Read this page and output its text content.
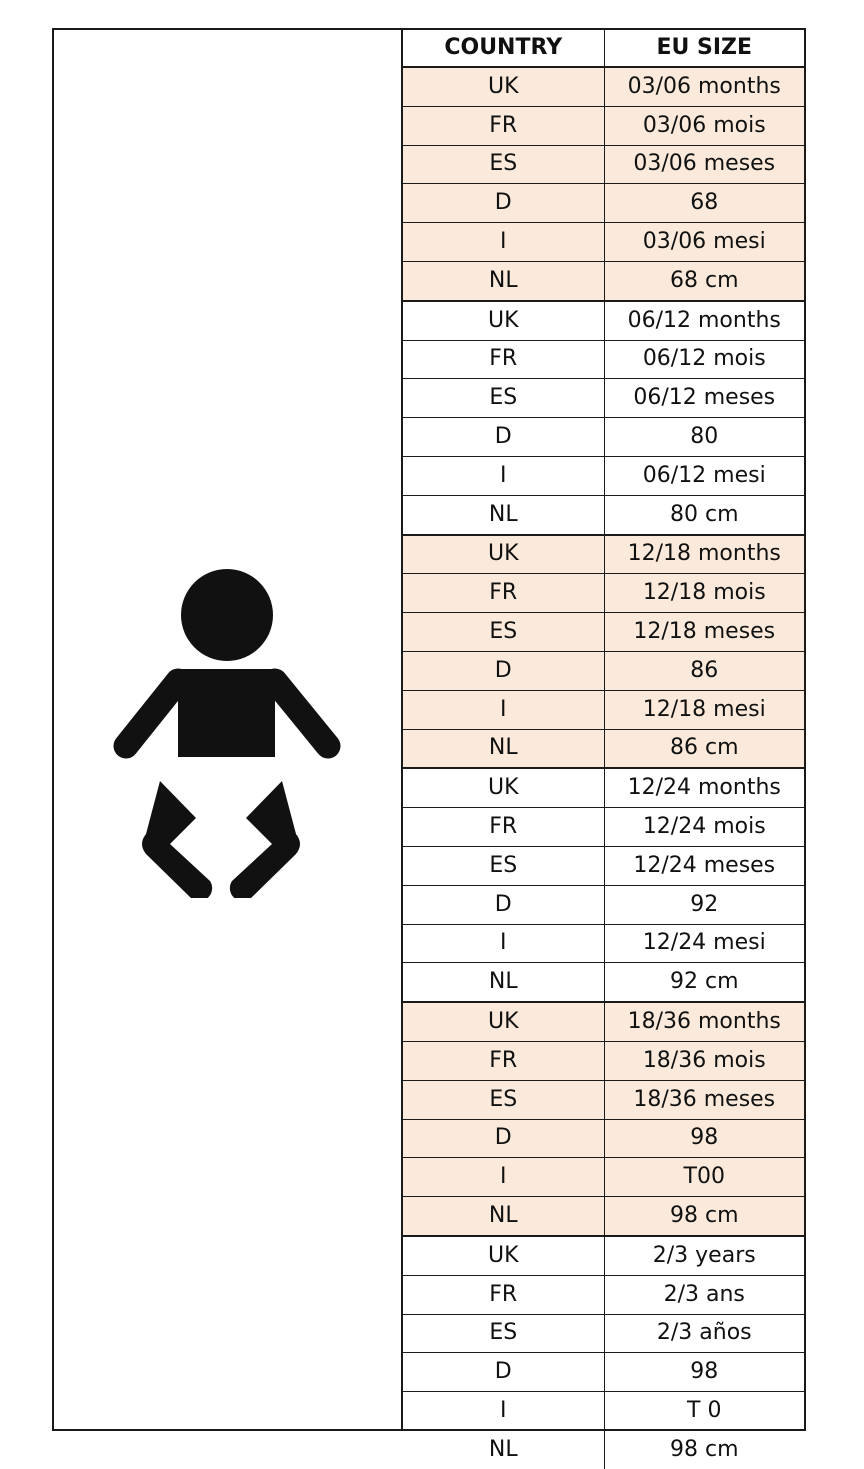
COUNTRY	EU SIZE
UK	03/06 months
FR	03/06 mois
ES	03/06 meses
D	68
I	03/06 mesi
NL	68 cm
UK	06/12 months
FR	06/12 mois
ES	06/12 meses
D	80
I	06/12 mesi
NL	80 cm
UK	12/18 months
FR	12/18 mois
ES	12/18 meses
D	86
I	12/18 mesi
NL	86 cm
UK	12/24 months
FR	12/24 mois
ES	12/24 meses
D	92
I	12/24 mesi
NL	92 cm
UK	18/36 months
FR	18/36 mois
ES	18/36 meses
D	98
I	T00
NL	98 cm
UK	2/3 years
FR	2/3 ans
ES	2/3 años
D	98
I	T 0
NL	98 cm
